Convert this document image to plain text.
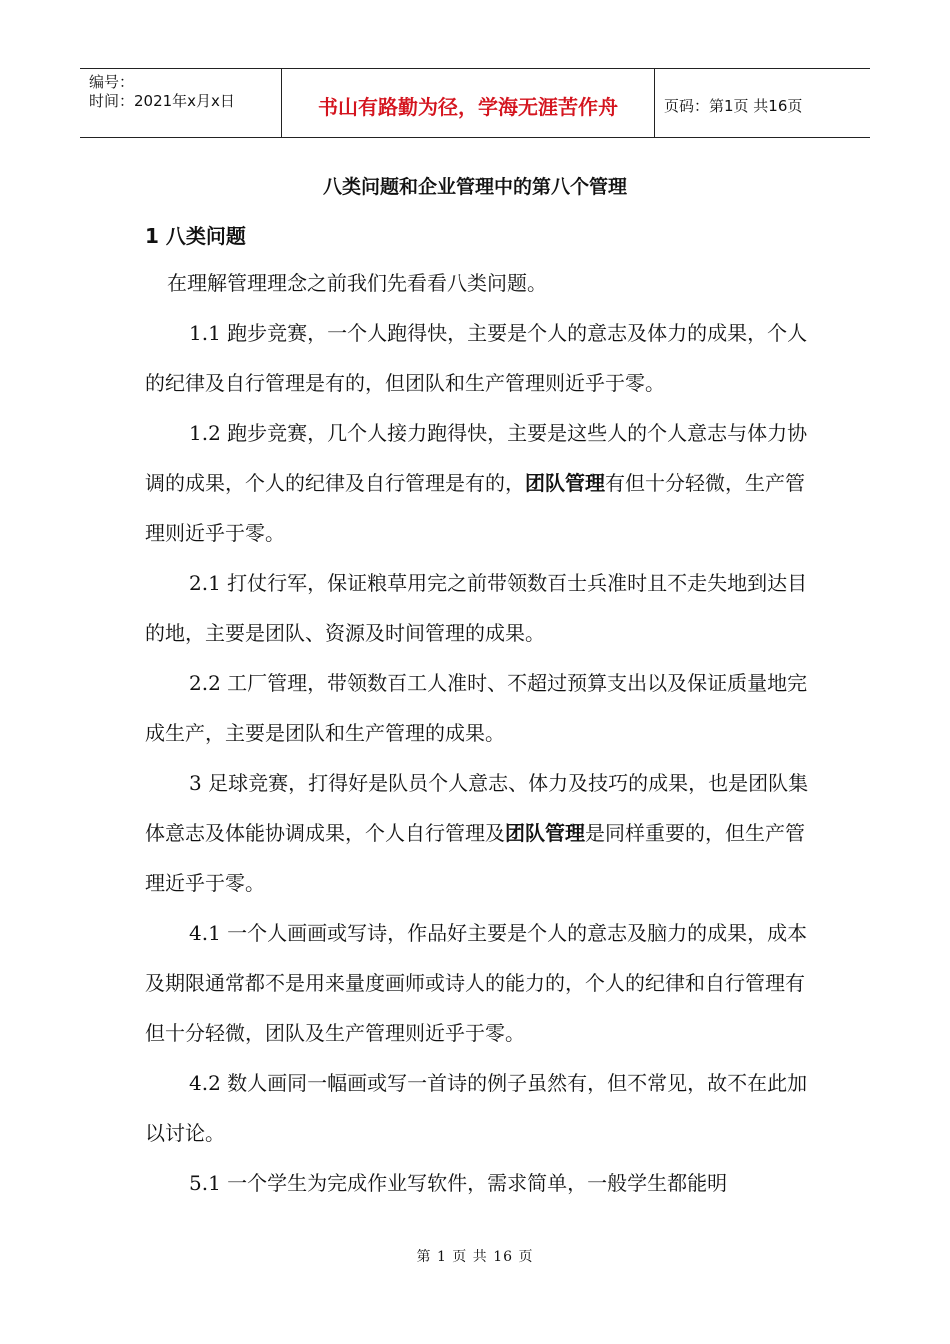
编号：
时间：2021年x月x日	书山有路勤为径，学海无涯苦作舟	页码：第1页 共16页
八类问题和企业管理中的第八个管理
1 八类问题

在理解管理理念之前我们先看看八类问题。

1.1 跑步竞赛，一个人跑得快，主要是个人的意志及体力的成果，个人的纪律及自行管理是有的，但团队和生产管理则近乎于零。

1.2 跑步竞赛，几个人接力跑得快，主要是这些人的个人意志与体力协调的成果，个人的纪律及自行管理是有的，团队管理有但十分轻微，生产管理则近乎于零。

2.1 打仗行军，保证粮草用完之前带领数百士兵准时且不走失地到达目的地，主要是团队、资源及时间管理的成果。

2.2 工厂管理，带领数百工人准时、不超过预算支出以及保证质量地完成生产，主要是团队和生产管理的成果。

3 足球竞赛，打得好是队员个人意志、体力及技巧的成果，也是团队集体意志及体能协调成果，个人自行管理及团队管理是同样重要的，但生产管理近乎于零。

4.1 一个人画画或写诗，作品好主要是个人的意志及脑力的成果，成本及期限通常都不是用来量度画师或诗人的能力的，个人的纪律和自行管理有但十分轻微，团队及生产管理则近乎于零。

4.2 数人画同一幅画或写一首诗的例子虽然有，但不常见，故不在此加以讨论。

5.1 一个学生为完成作业写软件，需求简单，一般学生都能明

第 1 页 共 16 页
